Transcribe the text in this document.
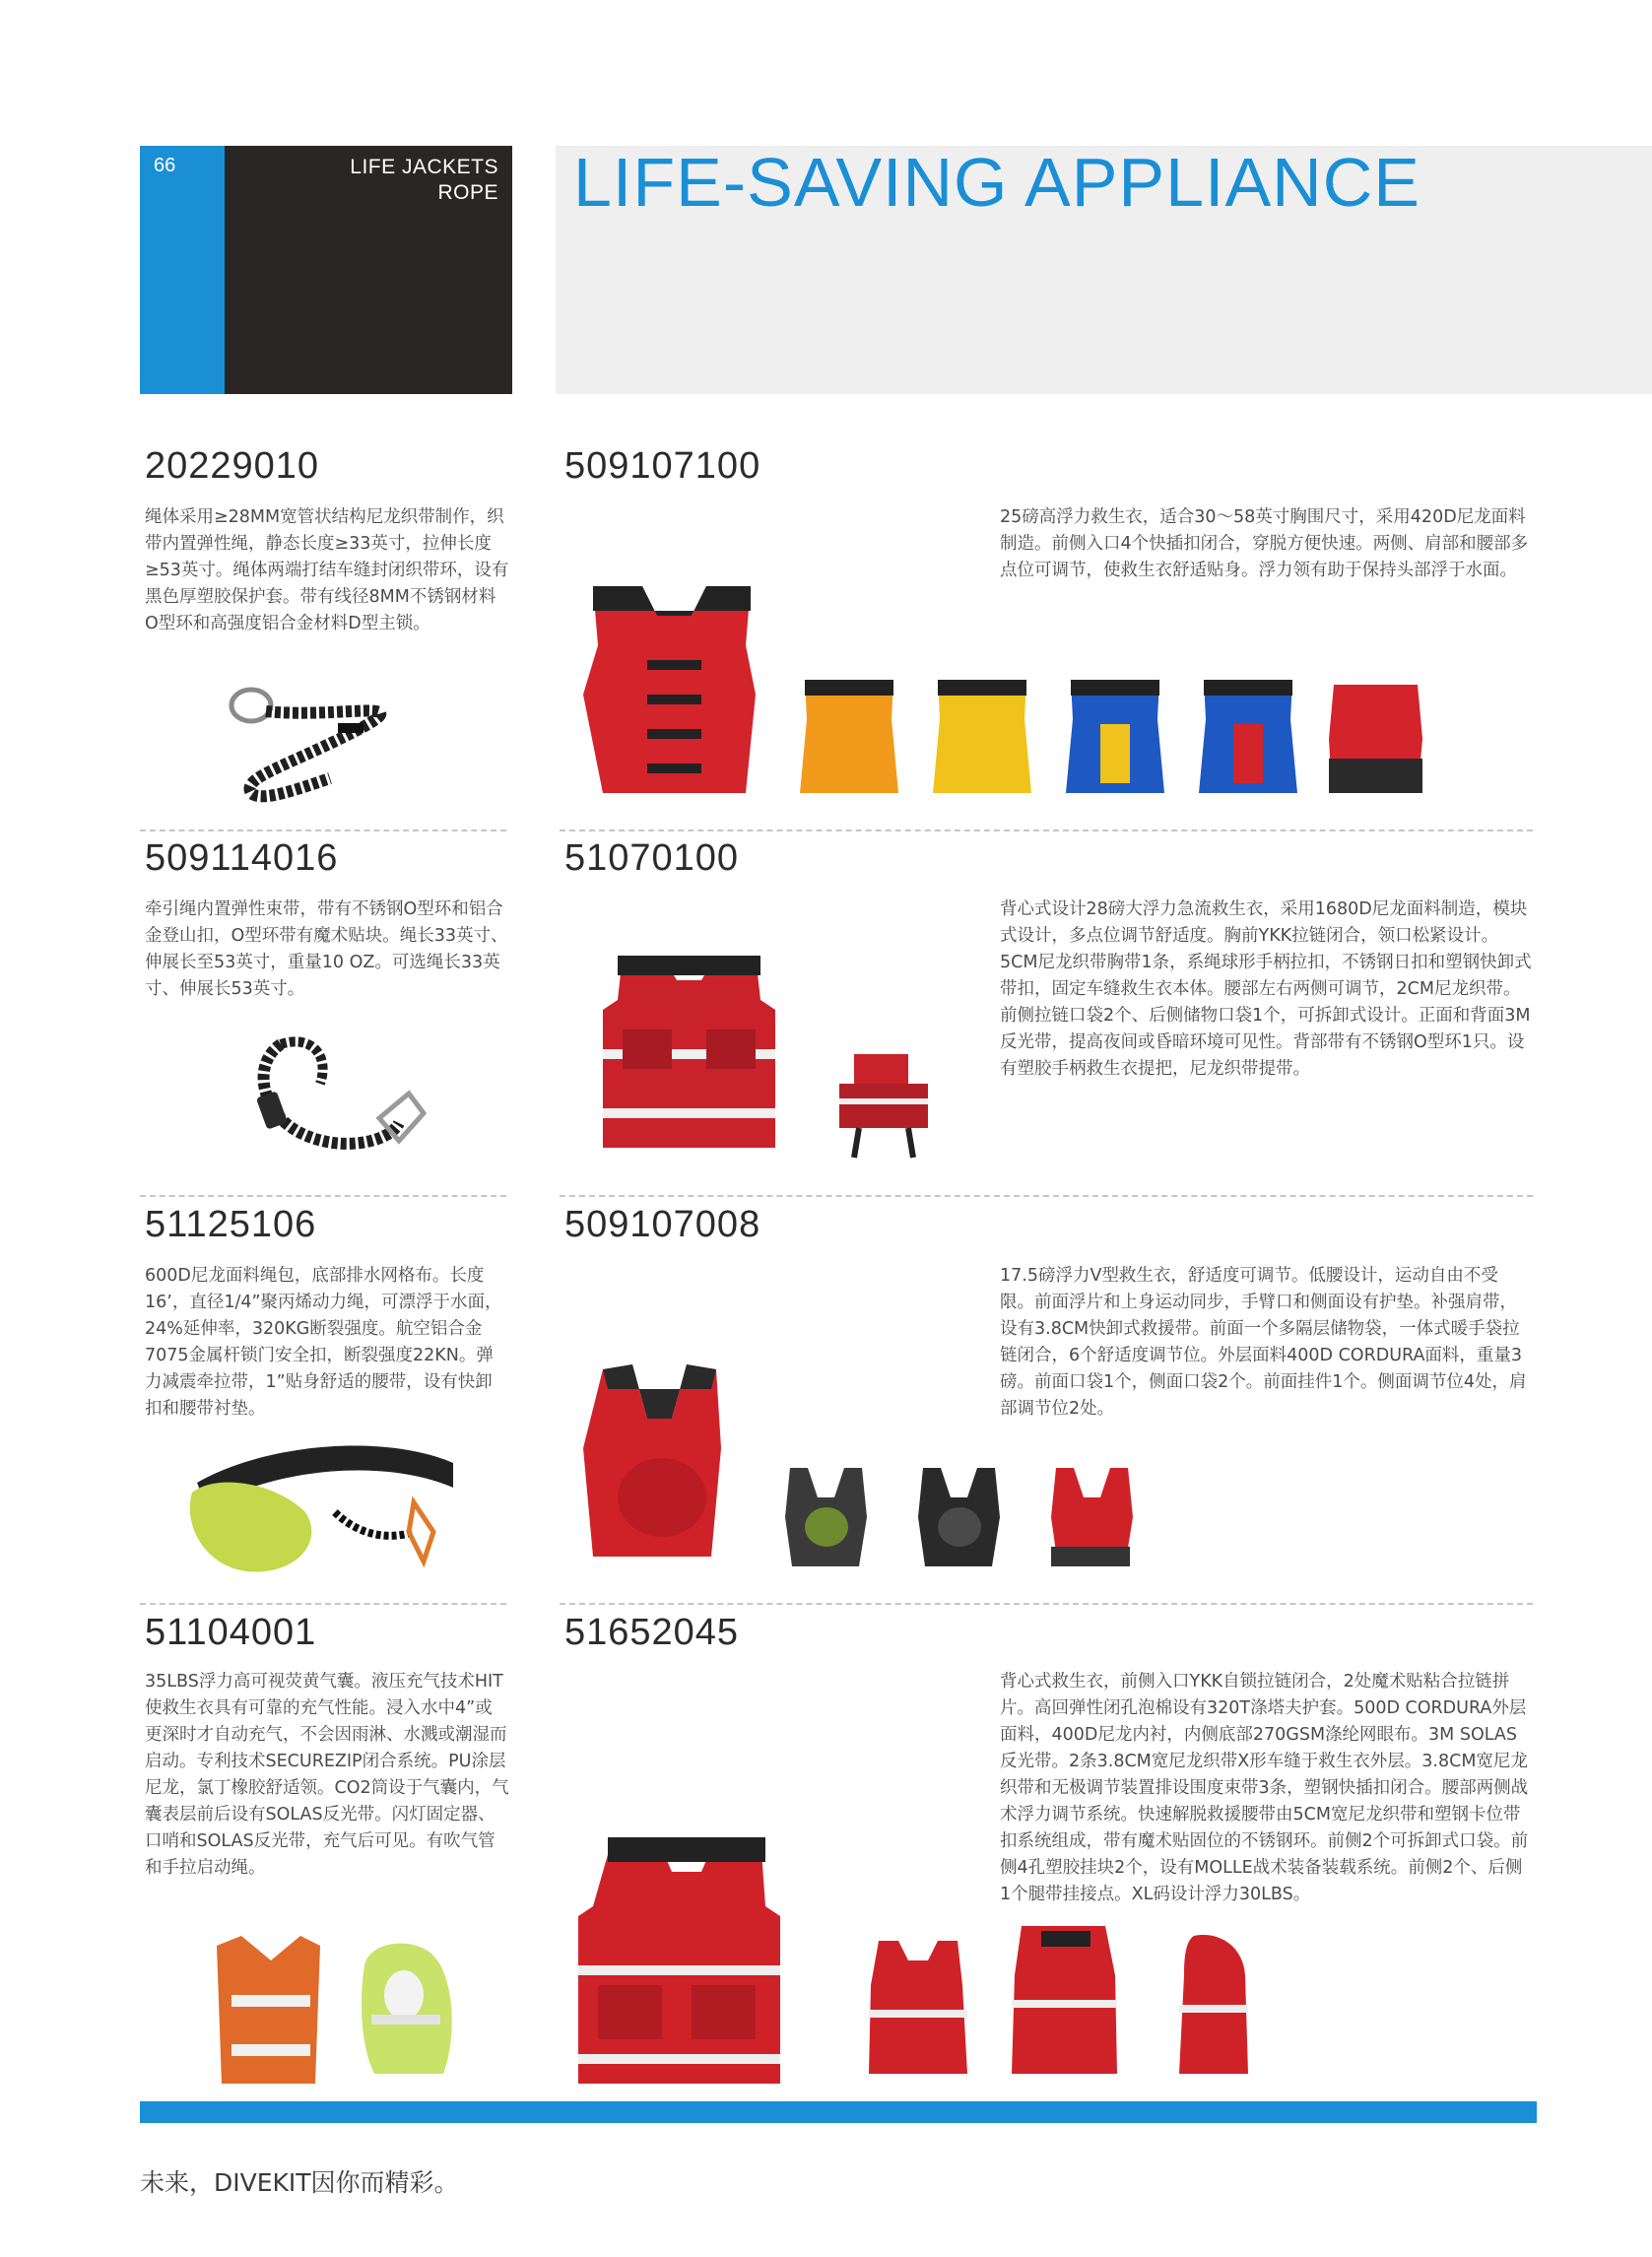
66	LIFE JACKETS
ROPE LIFE-SAVING APPLIANCE
20229010
绳体采用≥28MM宽管状结构尼龙织带制作，织带内置弹性绳，静态长度≥33英寸，拉伸长度≥53英寸。绳体两端打结车缝封闭织带环，设有黑色厚塑胶保护套。带有线径8MM不锈钢材料O型环和高强度铝合金材料D型主锁。
509114016
牵引绳内置弹性束带，带有不锈钢O型环和铝合金登山扣，O型环带有魔术贴块。绳长33英寸、伸展长至53英寸，重量10 OZ。可选绳长33英寸、伸展长53英寸。
51125106
600D尼龙面料绳包，底部排水网格布。长度16’，直径1/4”聚丙烯动力绳，可漂浮于水面，24%延伸率，320KG断裂强度。航空铝合金7075金属杆锁门安全扣，断裂强度22KN。弹力减震牵拉带，1”贴身舒适的腰带，设有快卸扣和腰带衬垫。
51104001
35LBS浮力高可视荧黄气囊。液压充气技术HIT使救生衣具有可靠的充气性能。浸入水中4”或更深时才自动充气，不会因雨淋、水溅或潮湿而启动。专利技术SECUREZIP闭合系统。PU涂层尼龙，氯丁橡胶舒适领。CO2筒设于气囊内，气囊表层前后设有SOLAS反光带。闪灯固定器、口哨和SOLAS反光带，充气后可见。有吹气管和手拉启动绳。
509107100
25磅高浮力救生衣，适合30～58英寸胸围尺寸，采用420D尼龙面料制造。前侧入口4个快插扣闭合，穿脱方便快速。两侧、肩部和腰部多点位可调节，使救生衣舒适贴身。浮力领有助于保持头部浮于水面。
51070100
背心式设计28磅大浮力急流救生衣，采用1680D尼龙面料制造，模块式设计，多点位调节舒适度。胸前YKK拉链闭合，领口松紧设计。5CM尼龙织带胸带1条，系绳球形手柄拉扣，不锈钢日扣和塑钢快卸式带扣，固定车缝救生衣本体。腰部左右两侧可调节，2CM尼龙织带。前侧拉链口袋2个、后侧储物口袋1个，可拆卸式设计。正面和背面3M反光带，提高夜间或昏暗环境可见性。背部带有不锈钢O型环1只。设有塑胶手柄救生衣提把，尼龙织带提带。
509107008
17.5磅浮力V型救生衣，舒适度可调节。低腰设计，运动自由不受限。前面浮片和上身运动同步，手臂口和侧面设有护垫。补强肩带，设有3.8CM快卸式救援带。前面一个多隔层储物袋，一体式暖手袋拉链闭合，6个舒适度调节位。外层面料400D CORDURA面料，重量3磅。前面口袋1个，侧面口袋2个。前面挂件1个。侧面调节位4处，肩部调节位2处。
51652045
背心式救生衣，前侧入口YKK自锁拉链闭合，2处魔术贴粘合拉链拼片。高回弹性闭孔泡棉设有320T涤塔夫护套。500D CORDURA外层面料，400D尼龙内衬，内侧底部270GSM涤纶网眼布。3M SOLAS反光带。2条3.8CM宽尼龙织带X形车缝于救生衣外层。3.8CM宽尼龙织带和无极调节装置排设围度束带3条，塑钢快插扣闭合。腰部两侧战术浮力调节系统。快速解脱救援腰带由5CM宽尼龙织带和塑钢卡位带扣系统组成，带有魔术贴固位的不锈钢环。前侧2个可拆卸式口袋。前侧4孔塑胶挂块2个，设有MOLLE战术装备装载系统。前侧2个、后侧1个腿带挂接点。XL码设计浮力30LBS。
未来，DIVEKIT因你而精彩。
